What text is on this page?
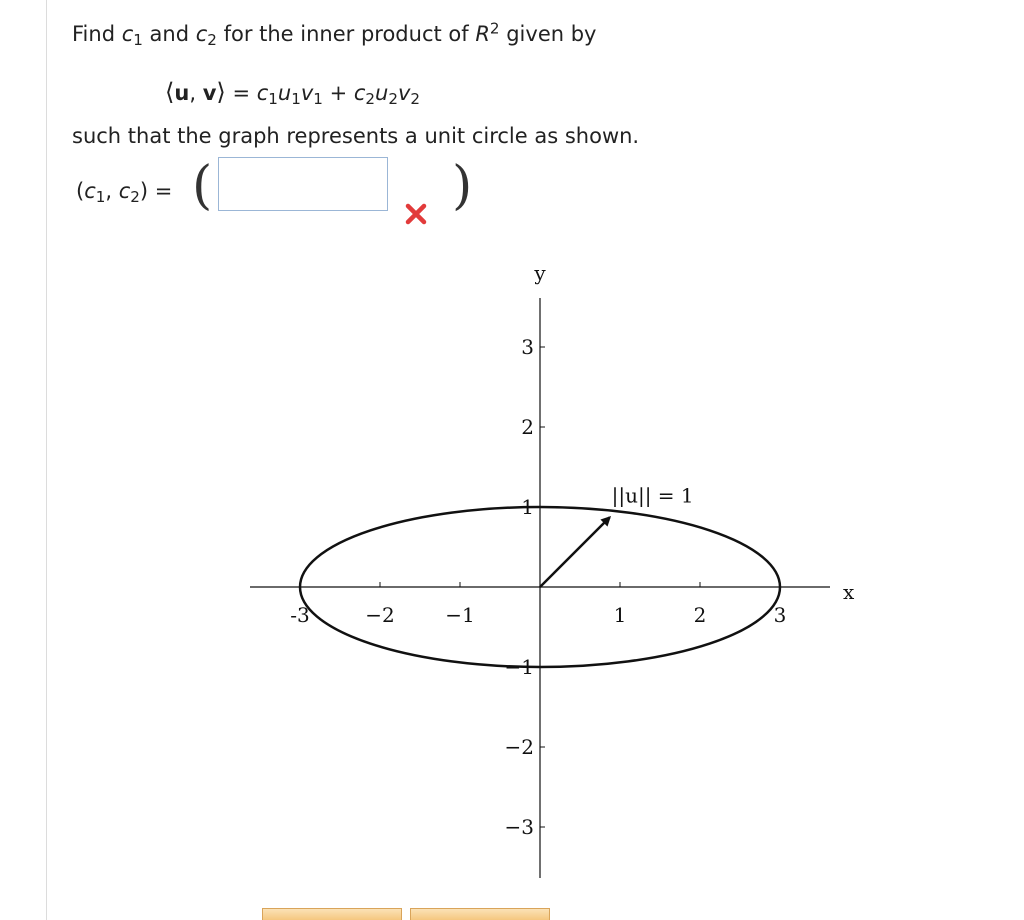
Find $c_1$ and $c_2$ for the inner product of $R^2$ given by
⟨u, v⟩ = $c_1u_1v_1 + c_2u_2v_2$
such that the graph represents a unit circle as shown.
($c_1$, $c_2$) = (	)
-3	−2	−1	1	2	3
−3
−2
−1
1
2
3
x
y
||u|| = 1
